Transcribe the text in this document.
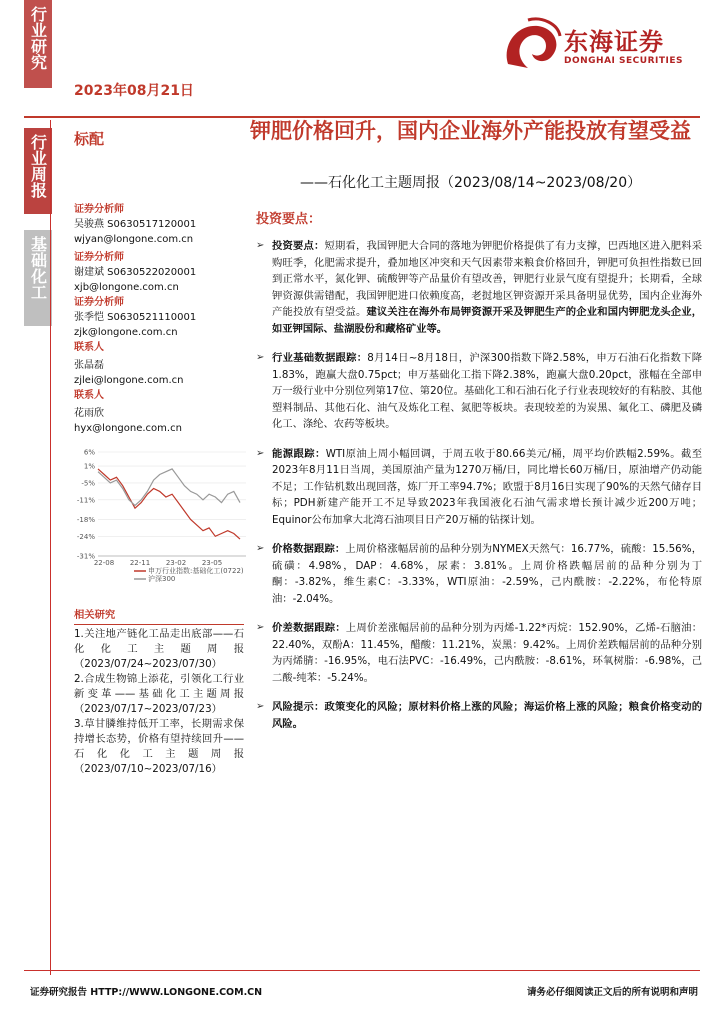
行业研究
行业周报
基础化工
2023年08月21日
东海证券
DONGHAI SECURITIES
标配	钾肥价格回升，国内企业海外产能投放有望受益
——石化化工主题周报（2023/08/14~2023/08/20）
证券分析师
吴骏燕 S0630517120001
wjyan@longone.com.cn
证券分析师
谢建斌 S0630522020001
xjb@longone.com.cn
证券分析师
张季恺 S0630521110001
zjk@longone.com.cn
联系人
张晶磊
zjlei@longone.com.cn
联系人
花雨欣
hyx@longone.com.cn
6%
1%
-5%
-11%
-18%
-24%
-31%
22-08 22-11 23-02 23-05
申万行业指数:基础化工(0722)
沪深300
相关研究
1.关注地产链化工品走出底部——石化化工主题周报（2023/07/24~2023/07/30）
2.合成生物锦上添花，引领化工行业新变革——基础化工主题周报（2023/07/17~2023/07/23）
3.草甘膦维持低开工率，长期需求保持增长态势，价格有望持续回升——石化化工主题周报（2023/07/10~2023/07/16）
投资要点：
➢ 投资要点：短期看，我国钾肥大合同的落地为钾肥价格提供了有力支撑，巴西地区进入肥料采购旺季，化肥需求提升，叠加地区冲突和天气因素带来粮食价格回升，钾肥可负担性指数已回到正常水平，氮化钾、硫酸钾等产品量价有望改善，钾肥行业景气度有望提升；长期看，全球钾资源供需错配，我国钾肥进口依赖度高，老挝地区钾资源开采具备明显优势，国内企业海外产能投放有望受益。建议关注在海外布局钾资源开采及钾肥生产的企业和国内钾肥龙头企业，如亚钾国际、盐湖股份和藏格矿业等。
➢ 行业基础数据跟踪：8月14日~8月18日，沪深300指数下降2.58%，申万石油石化指数下降1.83%，跑赢大盘0.75pct；申万基础化工指下降2.38%，跑赢大盘0.20pct，涨幅在全部申万一级行业中分别位列第17位、第20位。基础化工和石油石化子行业表现较好的有粘胶、其他塑料制品、其他石化、油气及炼化工程、氮肥等板块。表现较差的为炭黑、氟化工、磷肥及磷化工、涤纶、农药等板块。
➢ 能源跟踪：WTI原油上周小幅回调，于周五收于80.66美元/桶，周平均价跌幅2.59%。截至2023年8月11日当周，美国原油产量为1270万桶/日，同比增长60万桶/日，原油增产仍动能不足；工作钻机数出现回落，炼厂开工率94.7%；欧盟于8月16日实现了90%的天然气储存目标；PDH新建产能开工不足导致2023年我国液化石油气需求增长预计减少近200万吨；Equinor公布加拿大北湾石油项目日产20万桶的钻探计划。
➢ 价格数据跟踪：上周价格涨幅居前的品种分别为NYMEX天然气：16.77%，硫酸：15.56%，硫磺：4.98%，DAP：4.68%，尿素：3.81%。上周价格跌幅居前的品种分别为丁酮：-3.82%，维生素C：-3.33%，WTI原油：-2.59%，己内酰胺：-2.22%，布伦特原油：-2.04%。
➢ 价差数据跟踪：上周价差涨幅居前的品种分别为丙烯-1.22*丙烷：152.90%，乙烯-石脑油：22.40%，双酚A：11.45%，醋酸：11.21%，炭黑：9.42%。上周价差跌幅居前的品种分别为丙烯腈：-16.95%，电石法PVC：-16.49%，己内酰胺：-8.61%，环氧树脂：-6.98%，己二酸-纯苯：-5.24%。
➢ 风险提示：政策变化的风险；原材料价格上涨的风险；海运价格上涨的风险；粮食价格变动的风险。
证券研究报告 HTTP://WWW.LONGONE.COM.CN	请务必仔细阅读正文后的所有说明和声明
